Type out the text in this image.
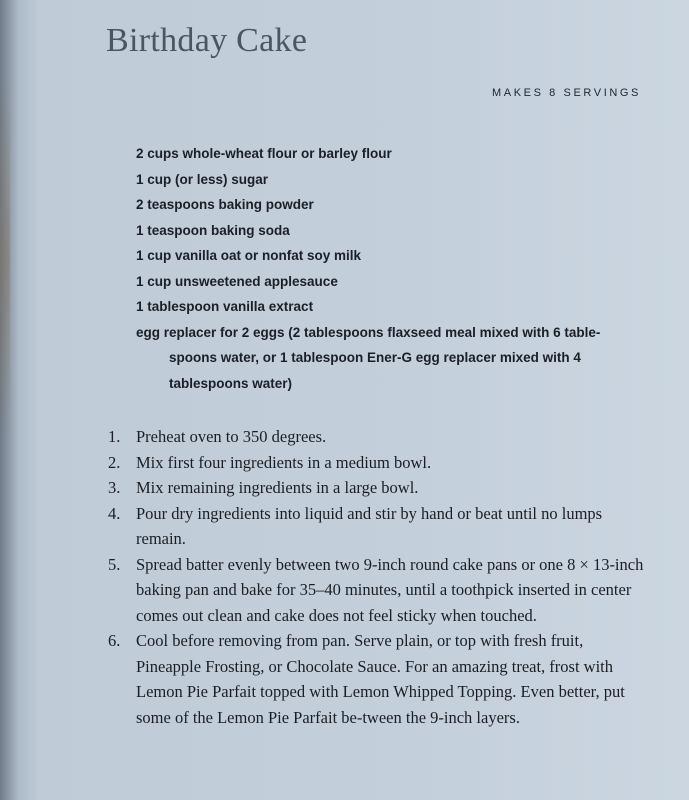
Birthday Cake
MAKES 8 SERVINGS
2 cups whole-wheat flour or barley flour
1 cup (or less) sugar
2 teaspoons baking powder
1 teaspoon baking soda
1 cup vanilla oat or nonfat soy milk
1 cup unsweetened applesauce
1 tablespoon vanilla extract
egg replacer for 2 eggs (2 tablespoons flaxseed meal mixed with 6 table-spoons water, or 1 tablespoon Ener-G egg replacer mixed with 4 tablespoons water)
1. Preheat oven to 350 degrees.
2. Mix first four ingredients in a medium bowl.
3. Mix remaining ingredients in a large bowl.
4. Pour dry ingredients into liquid and stir by hand or beat until no lumps remain.
5. Spread batter evenly between two 9-inch round cake pans or one 8 × 13-inch baking pan and bake for 35–40 minutes, until a toothpick inserted in center comes out clean and cake does not feel sticky when touched.
6. Cool before removing from pan. Serve plain, or top with fresh fruit, Pineapple Frosting, or Chocolate Sauce. For an amazing treat, frost with Lemon Pie Parfait topped with Lemon Whipped Topping. Even better, put some of the Lemon Pie Parfait be-tween the 9-inch layers.
